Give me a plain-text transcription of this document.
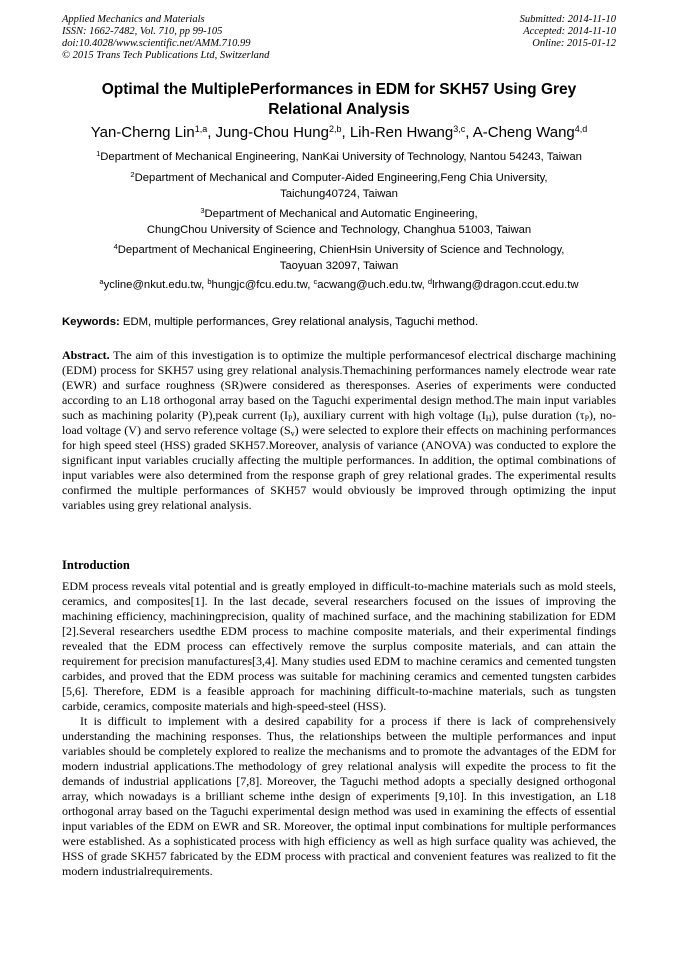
Applied Mechanics and Materials
ISSN: 1662-7482, Vol. 710, pp 99-105
doi:10.4028/www.scientific.net/AMM.710.99
© 2015 Trans Tech Publications Ltd, Switzerland
Submitted: 2014-11-10
Accepted: 2014-11-10
Online: 2015-01-12
Optimal the MultiplePerformances in EDM for SKH57 Using Grey
Relational Analysis
Yan-Cherng Lin$^{1,a}$, Jung-Chou Hung$^{2,b}$, Lih-Ren Hwang$^{3,c}$, A-Cheng Wang$^{4,d}$
$^1$Department of Mechanical Engineering, NanKai University of Technology, Nantou 54243, Taiwan
$^2$Department of Mechanical and Computer-Aided Engineering,Feng Chia University,
Taichung40724, Taiwan
$^3$Department of Mechanical and Automatic Engineering,
ChungChou University of Science and Technology, Changhua 51003, Taiwan
$^4$Department of Mechanical Engineering, ChienHsin University of Science and Technology,
Taoyuan 32097, Taiwan
$^a$ycline@nkut.edu.tw, $^b$hungjc@fcu.edu.tw, $^c$acwang@uch.edu.tw, $^d$lrhwang@dragon.ccut.edu.tw
Keywords: EDM, multiple performances, Grey relational analysis, Taguchi method.
Abstract. The aim of this investigation is to optimize the multiple performancesof electrical discharge machining (EDM) process for SKH57 using grey relational analysis.Themachining performances namely electrode wear rate (EWR) and surface roughness (SR)were considered as theresponses. Aseries of experiments were conducted according to an L18 orthogonal array based on the Taguchi experimental design method.The main input variables such as machining polarity (P),peak current $(I_P)$, auxiliary current with high voltage $(I_H)$, pulse duration $(\tau_P)$, no-load voltage (V) and servo reference voltage $(S_v)$ were selected to explore their effects on machining performances for high speed steel (HSS) graded SKH57.Moreover, analysis of variance (ANOVA) was conducted to explore the significant input variables crucially affecting the multiple performances. In addition, the optimal combinations of input variables were also determined from the response graph of grey relational grades. The experimental results confirmed the multiple performances of SKH57 would obviously be improved through optimizing the input variables using grey relational analysis.
Introduction

EDM process reveals vital potential and is greatly employed in difficult-to-machine materials such as mold steels, ceramics, and composites[1]. In the last decade, several researchers focused on the issues of improving the machining efficiency, machiningprecision, quality of machined surface, and the machining stabilization for EDM [2].Several researchers usedthe EDM process to machine composite materials, and their experimental findings revealed that the EDM process can effectively remove the surplus composite materials, and can attain the requirement for precision manufactures[3,4]. Many studies used EDM to machine ceramics and cemented tungsten carbides, and proved that the EDM process was suitable for machining ceramics and cemented tungsten carbides [5,6]. Therefore, EDM is a feasible approach for machining difficult-to-machine materials, such as tungsten carbide, ceramics, composite materials and high-speed-steel (HSS).

It is difficult to implement with a desired capability for a process if there is lack of comprehensively understanding the machining responses. Thus, the relationships between the multiple performances and input variables should be completely explored to realize the mechanisms and to promote the advantages of the EDM for modern industrial applications.The methodology of grey relational analysis will expedite the process to fit the demands of industrial applications [7,8]. Moreover, the Taguchi method adopts a specially designed orthogonal array, which nowadays is a brilliant scheme inthe design of experiments [9,10]. In this investigation, an L18 orthogonal array based on the Taguchi experimental design method was used in examining the effects of essential input variables of the EDM on EWR and SR. Moreover, the optimal input combinations for multiple performances were established. As a sophisticated process with high efficiency as well as high surface quality was achieved, the HSS of grade SKH57 fabricated by the EDM process with practical and convenient features was realized to fit the modern industrialrequirements.
